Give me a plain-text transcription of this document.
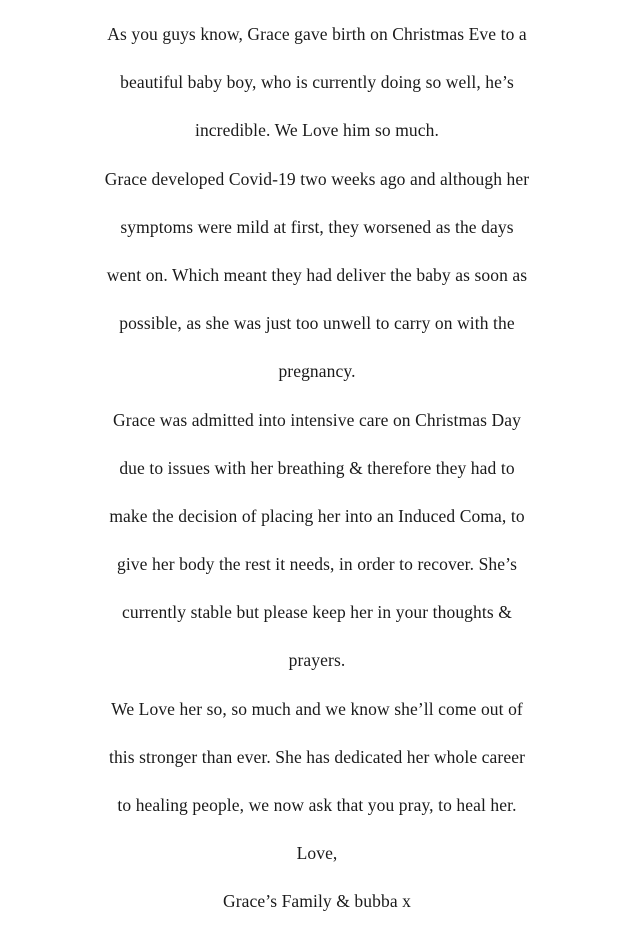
As you guys know, Grace gave birth on Christmas Eve to a
beautiful baby boy, who is currently doing so well, he’s
incredible. We Love him so much.
Grace developed Covid-19 two weeks ago and although her
symptoms were mild at first, they worsened as the days
went on. Which meant they had deliver the baby as soon as
possible, as she was just too unwell to carry on with the
pregnancy.
Grace was admitted into intensive care on Christmas Day
due to issues with her breathing & therefore they had to
make the decision of placing her into an Induced Coma, to
give her body the rest it needs, in order to recover. She’s
currently stable but please keep her in your thoughts &
prayers.
We Love her so, so much and we know she’ll come out of
this stronger than ever. She has dedicated her whole career
to healing people, we now ask that you pray, to heal her.
Love,
Grace’s Family & bubba x
